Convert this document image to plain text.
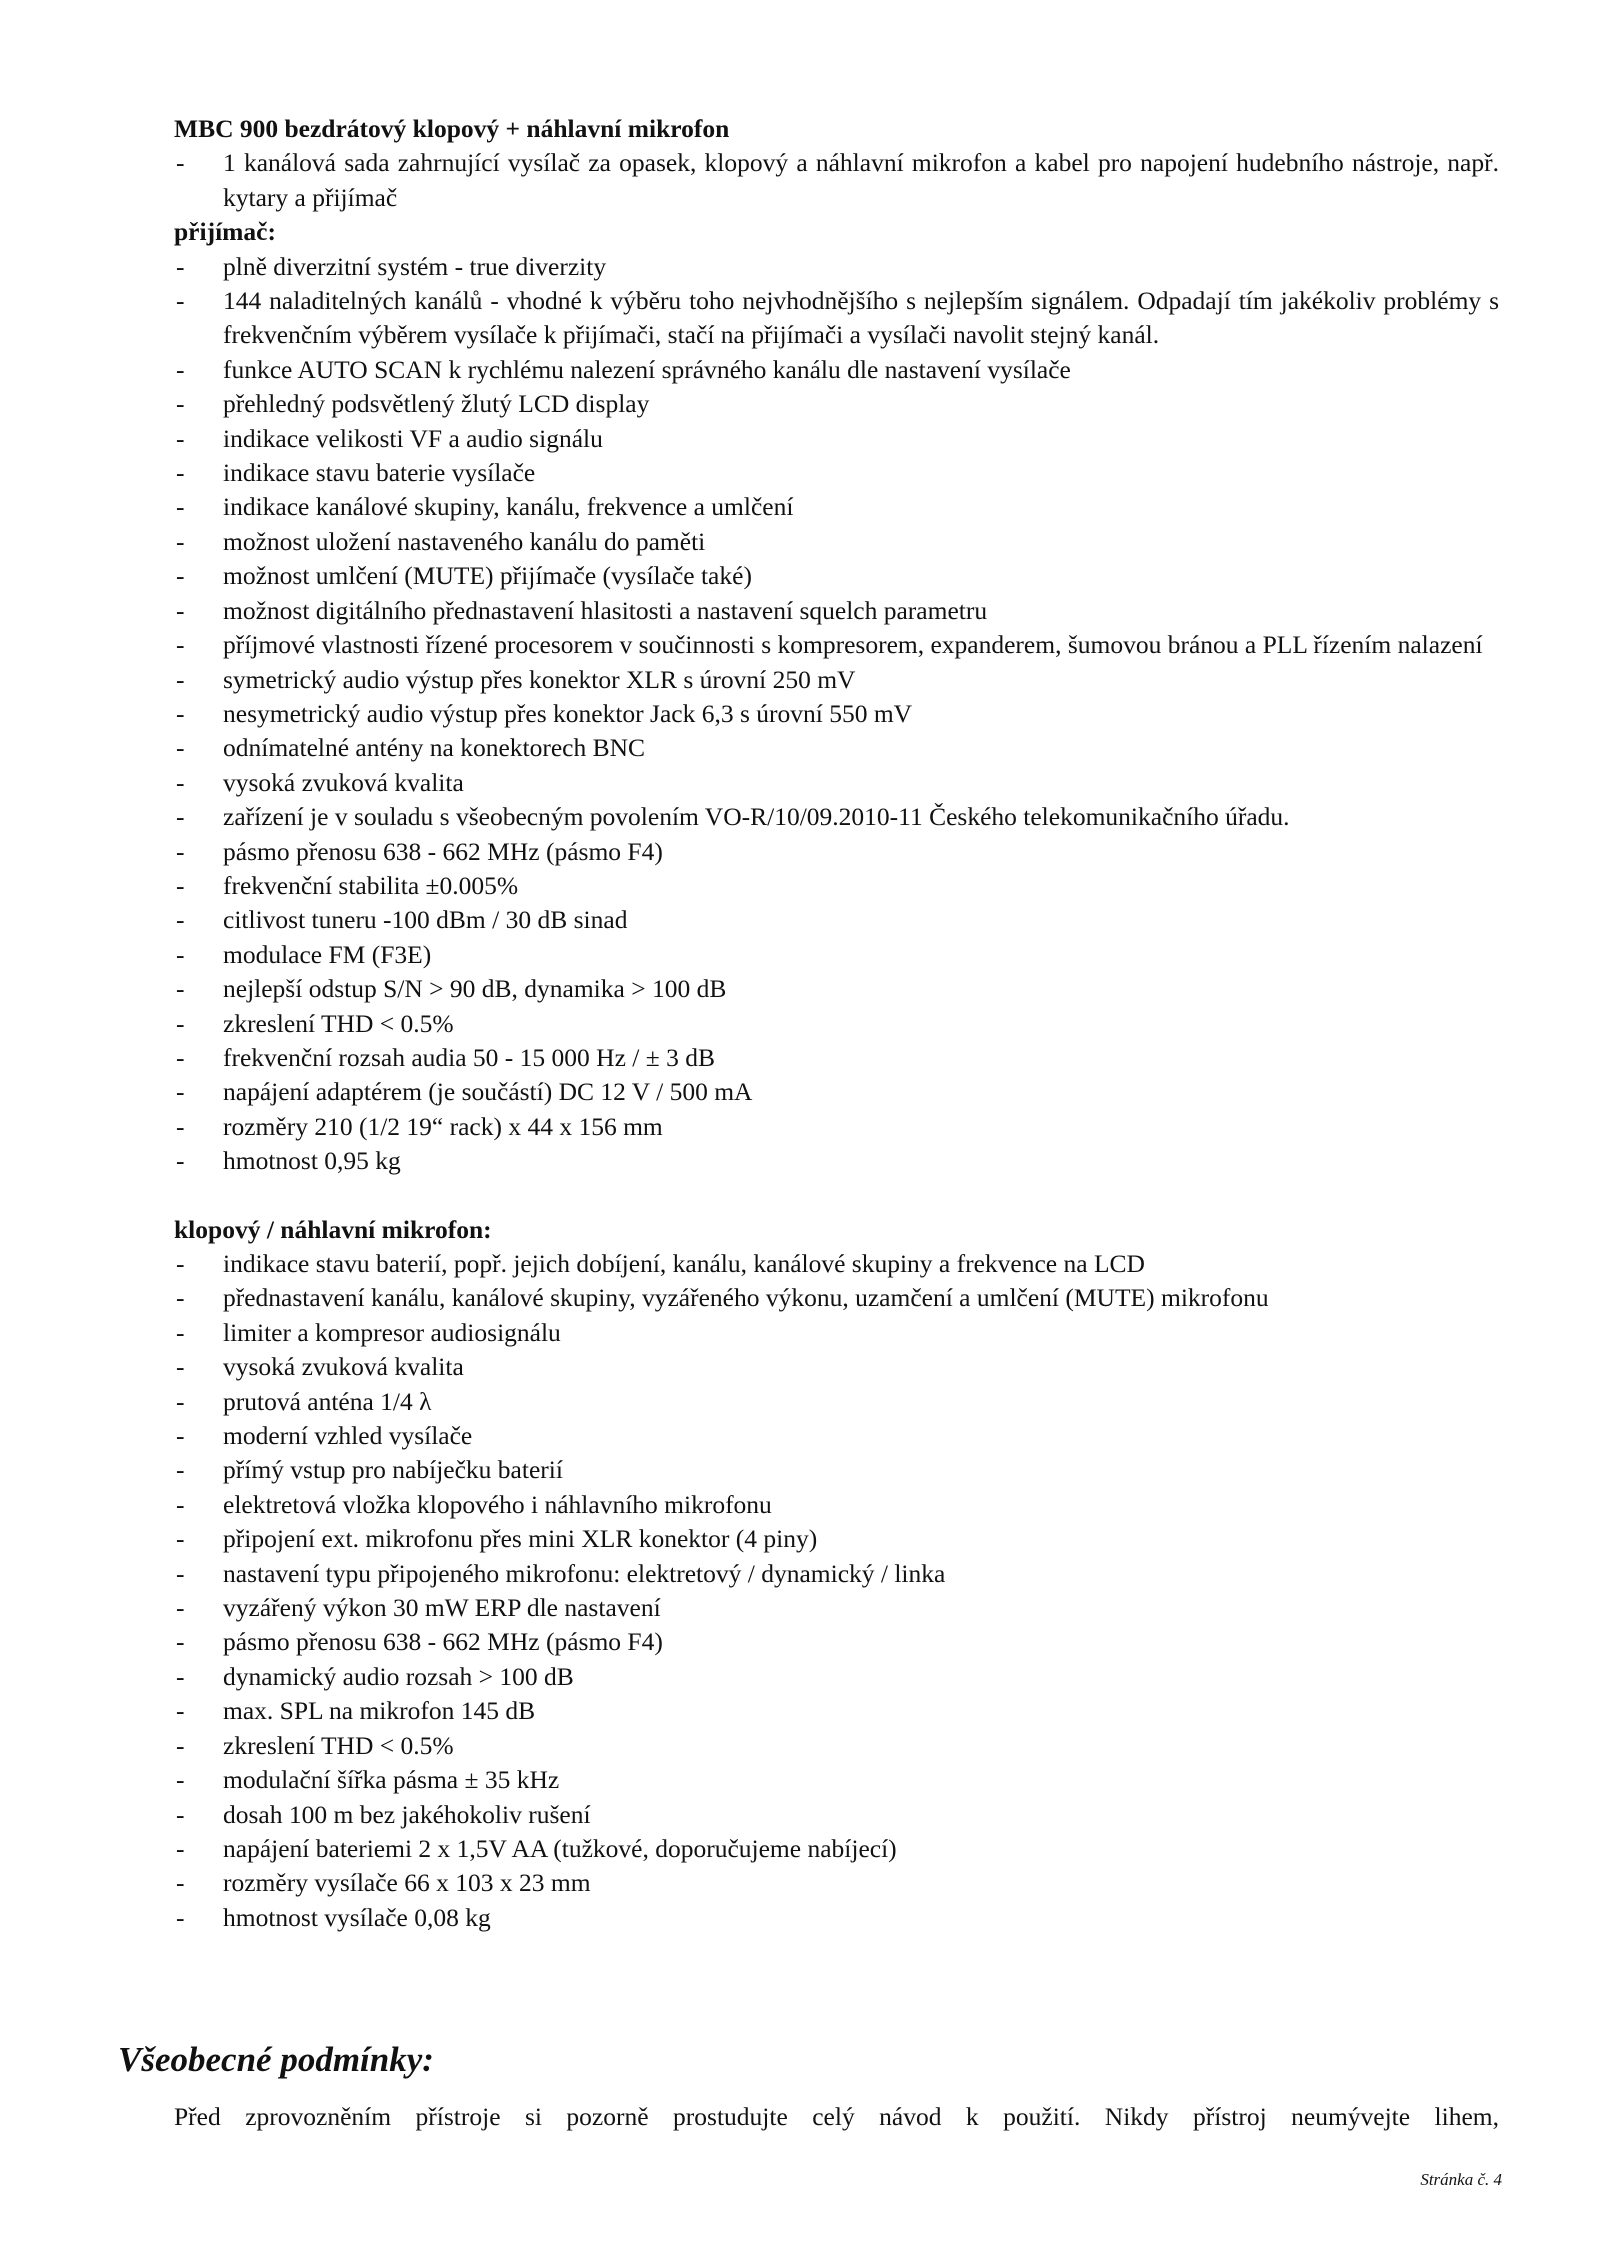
MBC 900 bezdrátový klopový + náhlavní mikrofon

- 1 kanálová sada zahrnující vysílač za opasek, klopový a náhlavní mikrofon a kabel pro napojení hudebního nástroje, např. kytary a přijímač

přijímač:

- plně diverzitní systém - true diverzity
- 144 naladitelných kanálů - vhodné k výběru toho nejvhodnějšího s nejlepším signálem. Odpadají tím jakékoliv problémy s frekvenčním výběrem vysílače k přijímači, stačí na přijímači a vysílači navolit stejný kanál.
- funkce AUTO SCAN k rychlému nalezení správného kanálu dle nastavení vysílače
- přehledný podsvětlený žlutý LCD display
- indikace velikosti VF a audio signálu
- indikace stavu baterie vysílače
- indikace kanálové skupiny, kanálu, frekvence a umlčení
- možnost uložení nastaveného kanálu do paměti
- možnost umlčení (MUTE) přijímače (vysílače také)
- možnost digitálního přednastavení hlasitosti a nastavení squelch parametru
- příjmové vlastnosti řízené procesorem v součinnosti s kompresorem, expanderem, šumovou bránou a PLL řízením nalazení
- symetrický audio výstup přes konektor XLR s úrovní 250 mV
- nesymetrický audio výstup přes konektor Jack 6,3 s úrovní 550 mV
- odnímatelné antény na konektorech BNC
- vysoká zvuková kvalita
- zařízení je v souladu s všeobecným povolením VO-R/10/09.2010-11 Českého telekomunikačního úřadu.
- pásmo přenosu 638 - 662 MHz (pásmo F4)
- frekvenční stabilita ±0.005%
- citlivost tuneru -100 dBm / 30 dB sinad
- modulace FM (F3E)
- nejlepší odstup S/N > 90 dB, dynamika > 100 dB
- zkreslení THD < 0.5%
- frekvenční rozsah audia 50 - 15 000 Hz / ± 3 dB
- napájení adaptérem (je součástí) DC 12 V / 500 mA
- rozměry 210 (1/2 19“ rack) x 44 x 156 mm
- hmotnost 0,95 kg

klopový / náhlavní mikrofon:

- indikace stavu baterií, popř. jejich dobíjení, kanálu, kanálové skupiny a frekvence na LCD
- přednastavení kanálu, kanálové skupiny, vyzářeného výkonu, uzamčení a umlčení (MUTE) mikrofonu
- limiter a kompresor audiosignálu
- vysoká zvuková kvalita
- prutová anténa 1/4 λ
- moderní vzhled vysílače
- přímý vstup pro nabíječku baterií
- elektretová vložka klopového i náhlavního mikrofonu
- připojení ext. mikrofonu přes mini XLR konektor (4 piny)
- nastavení typu připojeného mikrofonu: elektretový / dynamický / linka
- vyzářený výkon 30 mW ERP dle nastavení
- pásmo přenosu 638 - 662 MHz (pásmo F4)
- dynamický audio rozsah > 100 dB
- max. SPL na mikrofon 145 dB
- zkreslení THD < 0.5%
- modulační šířka pásma ± 35 kHz
- dosah 100 m bez jakéhokoliv rušení
- napájení bateriemi 2 x 1,5V AA (tužkové, doporučujeme nabíjecí)
- rozměry vysílače 66 x 103 x 23 mm
- hmotnost vysílače 0,08 kg
Všeobecné podmínky:

Před zprovozněním přístroje si pozorně prostudujte celý návod k použití. Nikdy přístroj neumývejte lihem,

Stránka č. 4
